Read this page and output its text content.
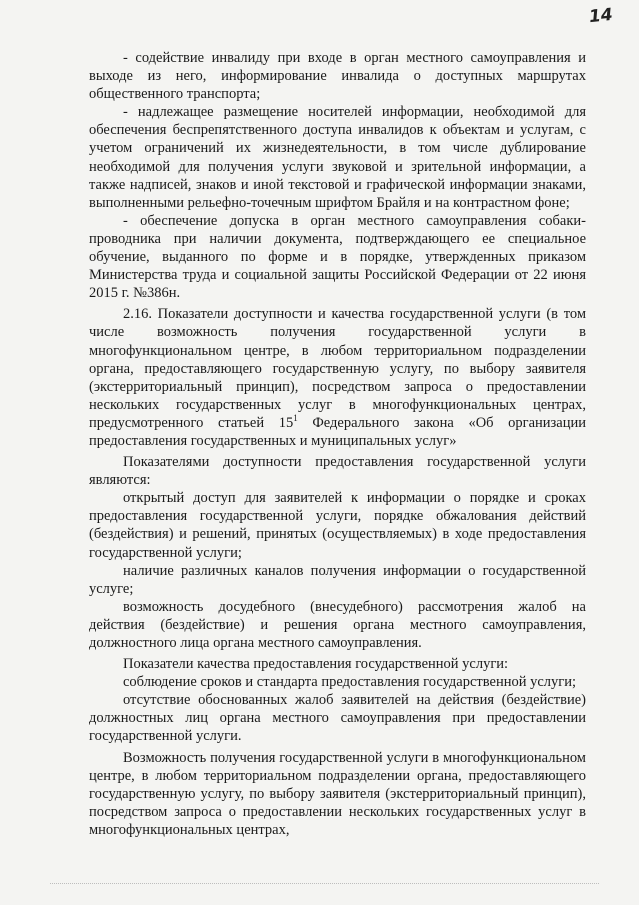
14

- содействие инвалиду при входе в орган местного самоуправления и выходе из него, информирование инвалида о доступных маршрутах общественного транспорта;

- надлежащее размещение носителей информации, необходимой для обеспечения беспрепятственного доступа инвалидов к объектам и услугам, с учетом ограничений их жизнедеятельности, в том числе дублирование необходимой для получения услуги звуковой и зрительной информации, а также надписей, знаков и иной текстовой и графической информации знаками, выполненными рельефно-точечным шрифтом Брайля и на контрастном фоне;

- обеспечение допуска в орган местного самоуправления собаки-проводника при наличии документа, подтверждающего ее специальное обучение, выданного по форме и в порядке, утвержденных приказом Министерства труда и социальной защиты Российской Федерации от 22 июня 2015 г. №386н.

2.16. Показатели доступности и качества государственной услуги (в том числе возможность получения государственной услуги в многофункциональном центре, в любом территориальном подразделении органа, предоставляющего государственную услугу, по выбору заявителя (экстерриториальный принцип), посредством запроса о предоставлении нескольких государственных услуг в многофункциональных центрах, предусмотренного статьей $15^1$ Федерального закона «Об организации предоставления государственных и муниципальных услуг»

Показателями доступности предоставления государственной услуги являются:

открытый доступ для заявителей к информации о порядке и сроках предоставления государственной услуги, порядке обжалования действий (бездействия) и решений, принятых (осуществляемых) в ходе предоставления государственной услуги;

наличие различных каналов получения информации о государственной услуге;

возможность досудебного (внесудебного) рассмотрения жалоб на действия (бездействие) и решения органа местного самоуправления, должностного лица органа местного самоуправления.

Показатели качества предоставления государственной услуги:

соблюдение сроков и стандарта предоставления государственной услуги;

отсутствие обоснованных жалоб заявителей на действия (бездействие) должностных лиц органа местного самоуправления при предоставлении государственной услуги.

Возможность получения государственной услуги в многофункциональном центре, в любом территориальном подразделении органа, предоставляющего государственную услугу, по выбору заявителя (экстерриториальный принцип), посредством запроса о предоставлении нескольких государственных услуг в многофункциональных центрах,
